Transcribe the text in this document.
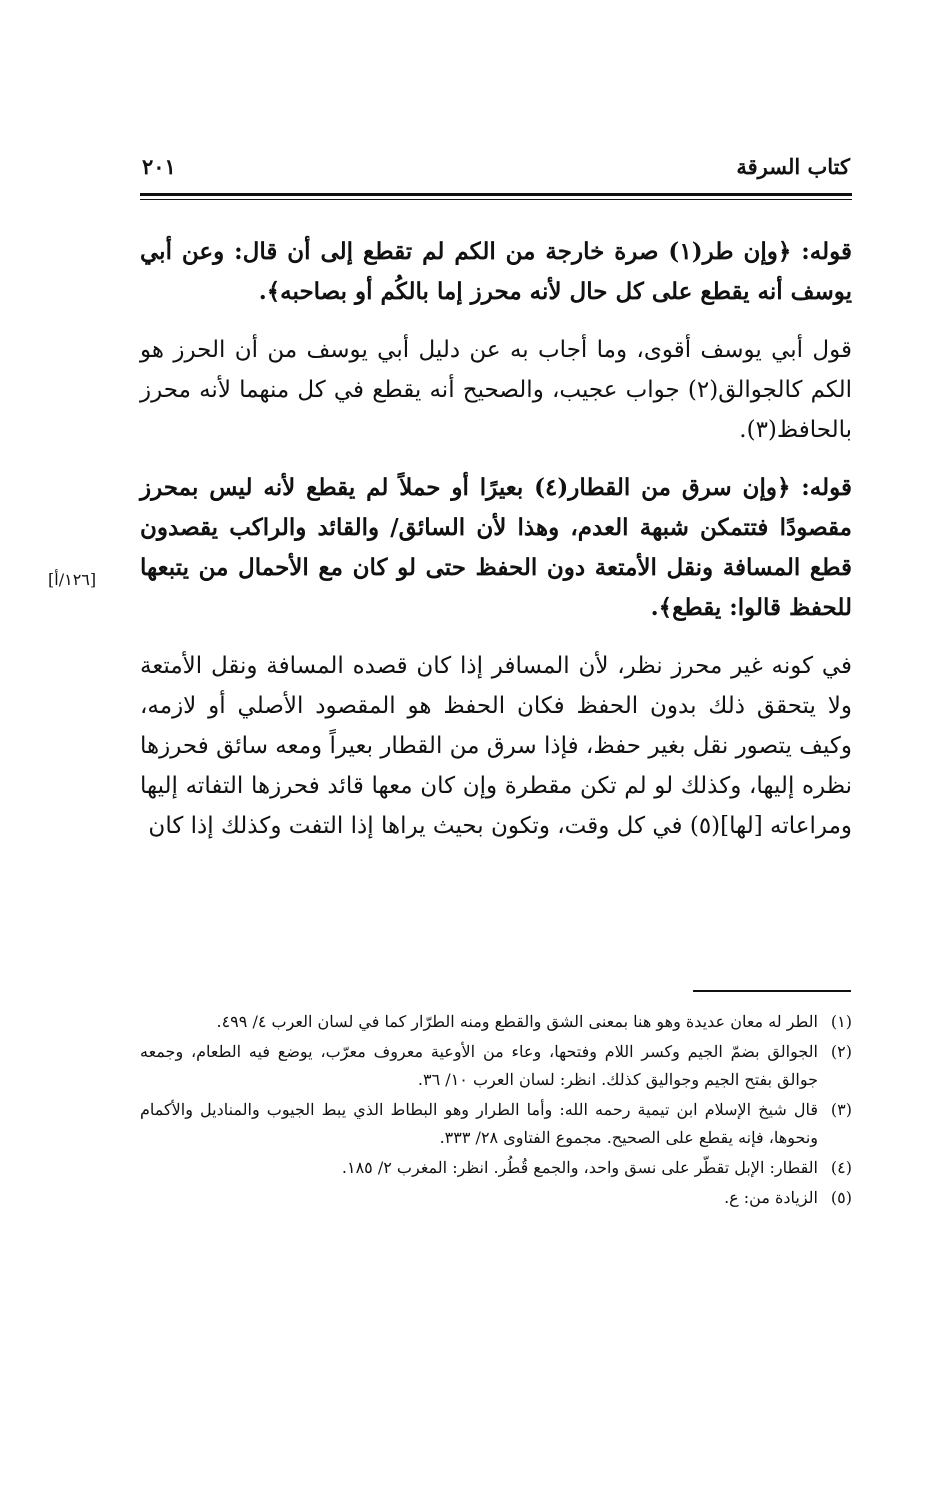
كتاب السرقة
٢٠١

قوله: ﴿وإن طر(١) صرة خارجة من الكم لم تقطع إلى أن قال: وعن أبي يوسف أنه يقطع على كل حال لأنه محرز إما بالكُم أو بصاحبه﴾.

قول أبي يوسف أقوى، وما أجاب به عن دليل أبي يوسف من أن الحرز هو الكم كالجوالق(٢) جواب عجيب، والصحيح أنه يقطع في كل منهما لأنه محرز بالحافظ(٣).

قوله: ﴿وإن سرق من القطار(٤) بعيرًا أو حملاً لم يقطع لأنه ليس بمحرز مقصودًا فتتمكن شبهة العدم، وهذا لأن السائق/ والقائد والراكب يقصدون قطع المسافة ونقل الأمتعة دون الحفظ حتى لو كان مع الأحمال من يتبعها للحفظ قالوا: يقطع﴾.

في كونه غير محرز نظر، لأن المسافر إذا كان قصده المسافة ونقل الأمتعة ولا يتحقق ذلك بدون الحفظ فكان الحفظ هو المقصود الأصلي أو لازمه، وكيف يتصور نقل بغير حفظ، فإذا سرق من القطار بعيراً ومعه سائق فحرزها نظره إليها، وكذلك لو لم تكن مقطرة وإن كان معها قائد فحرزها التفاته إليها ومراعاته [لها](٥) في كل وقت، وتكون بحيث يراها إذا التفت وكذلك إذا كان

[١٢٦/أ]
(١)
الطر له معان عديدة وهو هنا بمعنى الشق والقطع ومنه الطرّار كما في لسان العرب ٤/ ٤٩٩.
(٢)
الجوالق بضمّ الجيم وكسر اللام وفتحها، وعاء من الأوعية معروف معرّب، يوضع فيه الطعام، وجمعه جوالق بفتح الجيم وجواليق كذلك. انظر: لسان العرب ١٠/ ٣٦.
(٣)
قال شيخ الإسلام ابن تيمية رحمه الله: وأما الطرار وهو البطاط الذي يبط الجيوب والمناديل والأكمام ونحوها، فإنه يقطع على الصحيح. مجموع الفتاوى ٢٨/ ٣٣٣.
(٤)
القطار: الإبل تقطّر على نسق واحد، والجمع قُطُر. انظر: المغرب ٢/ ١٨٥.
(٥)
الزيادة من: ع.
